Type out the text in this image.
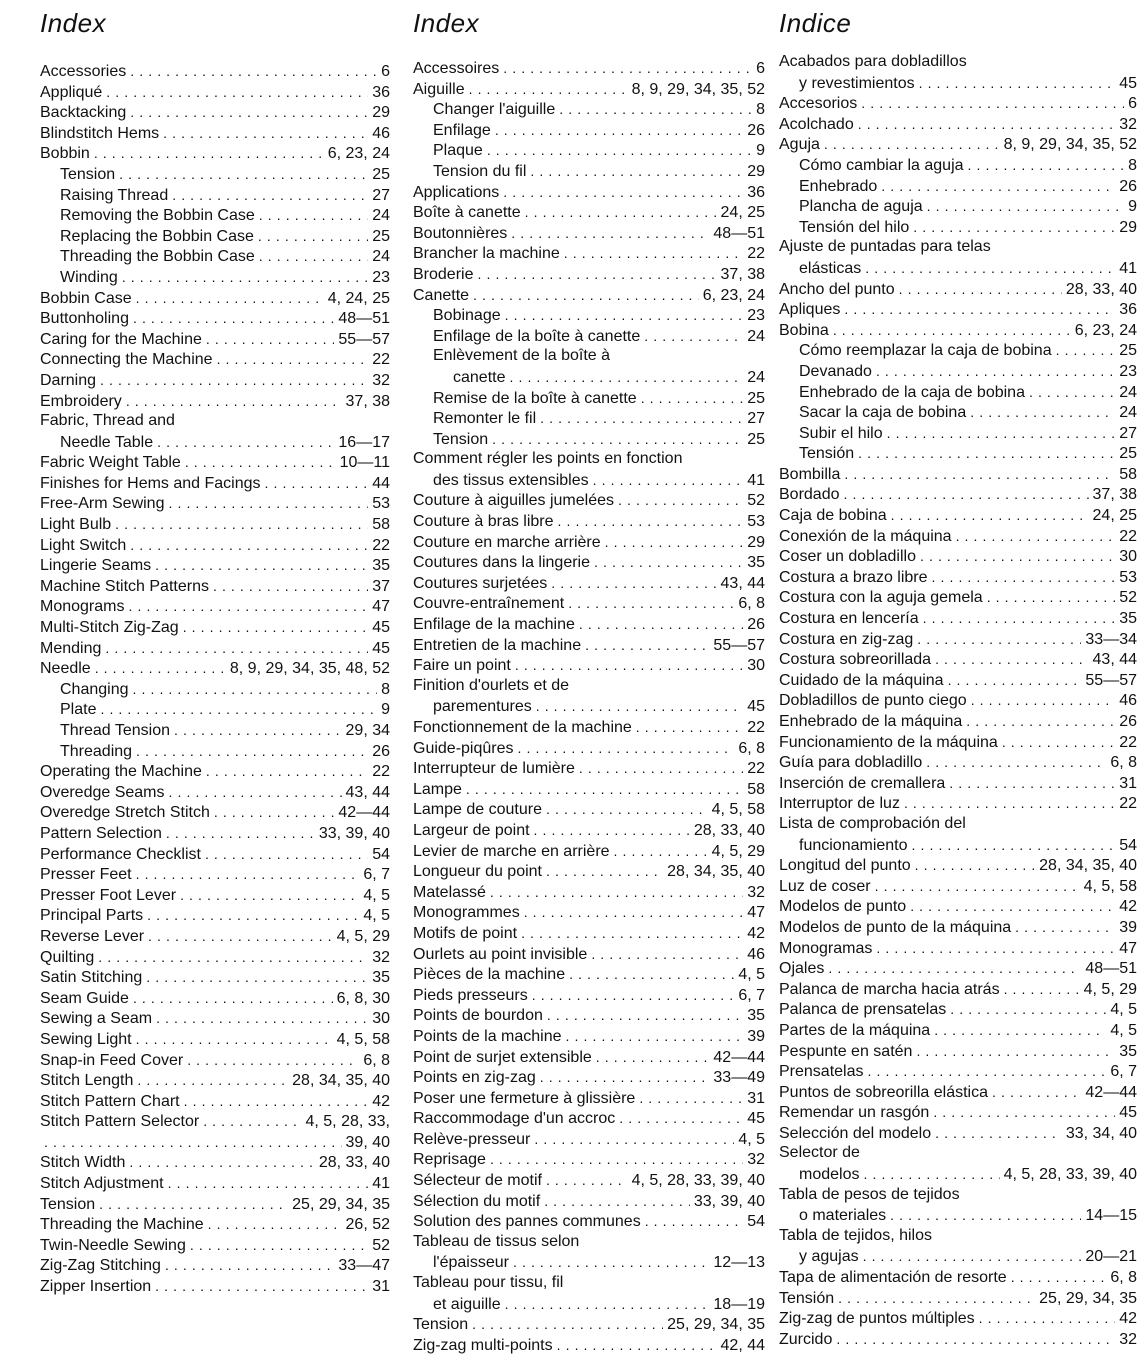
Index
Accessories . . .	6
Appliqué . . .	36
Backtacking . . .	29
Blindstitch Hems . . .	46
Bobbin . . .	6, 23, 24
Tension . . .	25
Raising Thread . . .	27
Removing the Bobbin Case . . .	24
Replacing the Bobbin Case . . .	25
Threading the Bobbin Case . . .	24
Winding . . .	23
Bobbin Case . . .	4, 24, 25
Buttonholing . . .	48—51
Caring for the Machine . . .	55—57
Connecting the Machine . . .	22
Darning . . .	32
Embroidery . . .	37, 38
Fabric, Thread and
Needle Table . . .	16—17
Fabric Weight Table . . .	10—11
Finishes for Hems and Facings . . .	44
Free-Arm Sewing . . .	53
Light Bulb . . .	58
Light Switch . . .	22
Lingerie Seams . . .	35
Machine Stitch Patterns . . .	37
Monograms . . .	47
Multi-Stitch Zig-Zag . . .	45
Mending . . .	45
Needle . . .	8, 9, 29, 34, 35, 48, 52
Changing . . .	8
Plate . . .	9
Thread Tension . . .	29, 34
Threading . . .	26
Operating the Machine . . .	22
Overedge Seams . . .	43, 44
Overedge Stretch Stitch . . .	42—44
Pattern Selection . . .	33, 39, 40
Performance Checklist . . .	54
Presser Feet . . .	6, 7
Presser Foot Lever . . .	4, 5
Principal Parts . . .	4, 5
Reverse Lever . . .	4, 5, 29
Quilting . . .	32
Satin Stitching . . .	35
Seam Guide . . .	6, 8, 30
Sewing a Seam . . .	30
Sewing Light . . .	4, 5, 58
Snap-in Feed Cover . . .	6, 8
Stitch Length . . .	28, 34, 35, 40
Stitch Pattern Chart . . .	42
Stitch Pattern Selector . . .	4, 5, 28, 33,
. . .
39, 40
Stitch Width . . .	28, 33, 40
Stitch Adjustment . . .	41
Tension . . .	25, 29, 34, 35
Threading the Machine . . .	26, 52
Twin-Needle Sewing . . .	52
Zig-Zag Stitching . . .	33—47
Zipper Insertion . . .	31
Index
Accessoires . . .	6
Aiguille . . .	8, 9, 29, 34, 35, 52
Changer l'aiguille . . .	8
Enfilage . . .	26
Plaque . . .	9
Tension du fil . . .	29
Applications . . .	36
Boîte à canette . . .	24, 25
Boutonnières . . .	48—51
Brancher la machine . . .	22
Broderie . . .	37, 38
Canette . . .	6, 23, 24
Bobinage . . .	23
Enfilage de la boîte à canette . . .	24
Enlèvement de la boîte à
canette . . .	24
Remise de la boîte à canette . . .	25
Remonter le fil . . .	27
Tension . . .	25
Comment régler les points en fonction
des tissus extensibles . . .	41
Couture à aiguilles jumelées . . .	52
Couture à bras libre . . .	53
Couture en marche arrière . . .	29
Coutures dans la lingerie . . .	35
Coutures surjetées . . .	43, 44
Couvre-entraînement . . .	6, 8
Enfilage de la machine . . .	26
Entretien de la machine . . .	55—57
Faire un point . . .	30
Finition d'ourlets et de
parementures . . .	45
Fonctionnement de la machine . . .	22
Guide-piqûres . . .	6, 8
Interrupteur de lumière . . .	22
Lampe . . .	58
Lampe de couture . . .	4, 5, 58
Largeur de point . . .	28, 33, 40
Levier de marche en arrière . . .	4, 5, 29
Longueur du point . . .	28, 34, 35, 40
Matelassé . . .	32
Monogrammes . . .	47
Motifs de point . . .	42
Ourlets au point invisible . . .	46
Pièces de la machine . . .	4, 5
Pieds presseurs . . .	6, 7
Points de bourdon . . .	35
Points de la machine . . .	39
Point de surjet extensible . . .	42—44
Points en zig-zag . . .	33—49
Poser une fermeture à glissière . . .	31
Raccommodage d'un accroc . . .	45
Relève-presseur . . .	4, 5
Reprisage . . .	32
Sélecteur de motif . . .	4, 5, 28, 33, 39, 40
Sélection du motif . . .	33, 39, 40
Solution des pannes communes . . .	54
Tableau de tissus selon
l'épaisseur . . .	12—13
Tableau pour tissu, fil
et aiguille . . .	18—19
Tension . . .	25, 29, 34, 35
Zig-zag multi-points . . .	42, 44
Indice
Acabados para dobladillos
y revestimientos . . .	45
Accesorios . . .	6
Acolchado . . .	32
Aguja . . .	8, 9, 29, 34, 35, 52
Cómo cambiar la aguja . . .	8
Enhebrado . . .	26
Plancha de aguja . . .	9
Tensión del hilo . . .	29
Ajuste de puntadas para telas
elásticas . . .	41
Ancho del punto . . .	28, 33, 40
Apliques . . .	36
Bobina . . .	6, 23, 24
Cómo reemplazar la caja de bobina . . .	25
Devanado . . .	23
Enhebrado de la caja de bobina . . .	24
Sacar la caja de bobina . . .	24
Subir el hilo . . .	27
Tensión . . .	25
Bombilla . . .	58
Bordado . . .	37, 38
Caja de bobina . . .	24, 25
Conexión de la máquina . . .	22
Coser un dobladillo . . .	30
Costura a brazo libre . . .	53
Costura con la aguja gemela . . .	52
Costura en lencería . . .	35
Costura en zig-zag . . .	33—34
Costura sobreorillada . . .	43, 44
Cuidado de la máquina . . .	55—57
Dobladillos de punto ciego . . .	46
Enhebrado de la máquina . . .	26
Funcionamiento de la máquina . . .	22
Guía para dobladillo . . .	6, 8
Inserción de cremallera . . .	31
Interruptor de luz . . .	22
Lista de comprobación del
funcionamiento . . .	54
Longitud del punto . . .	28, 34, 35, 40
Luz de coser . . .	4, 5, 58
Modelos de punto . . .	42
Modelos de punto de la máquina . . .	39
Monogramas . . .	47
Ojales . . .	48—51
Palanca de marcha hacia atrás . . .	4, 5, 29
Palanca de prensatelas . . .	4, 5
Partes de la máquina . . .	4, 5
Pespunte en satén . . .	35
Prensatelas . . .	6, 7
Puntos de sobreorilla elástica . . .	42—44
Remendar un rasgón . . .	45
Selección del modelo . . .	33, 34, 40
Selector de
modelos . . .	4, 5, 28, 33, 39, 40
Tabla de pesos de tejidos
o materiales . . .	14—15
Tabla de tejidos, hilos
y agujas . . .	20—21
Tapa de alimentación de resorte . . .	6, 8
Tensión . . .	25, 29, 34, 35
Zig-zag de puntos múltiples . . .	42
Zurcido . . .	32
